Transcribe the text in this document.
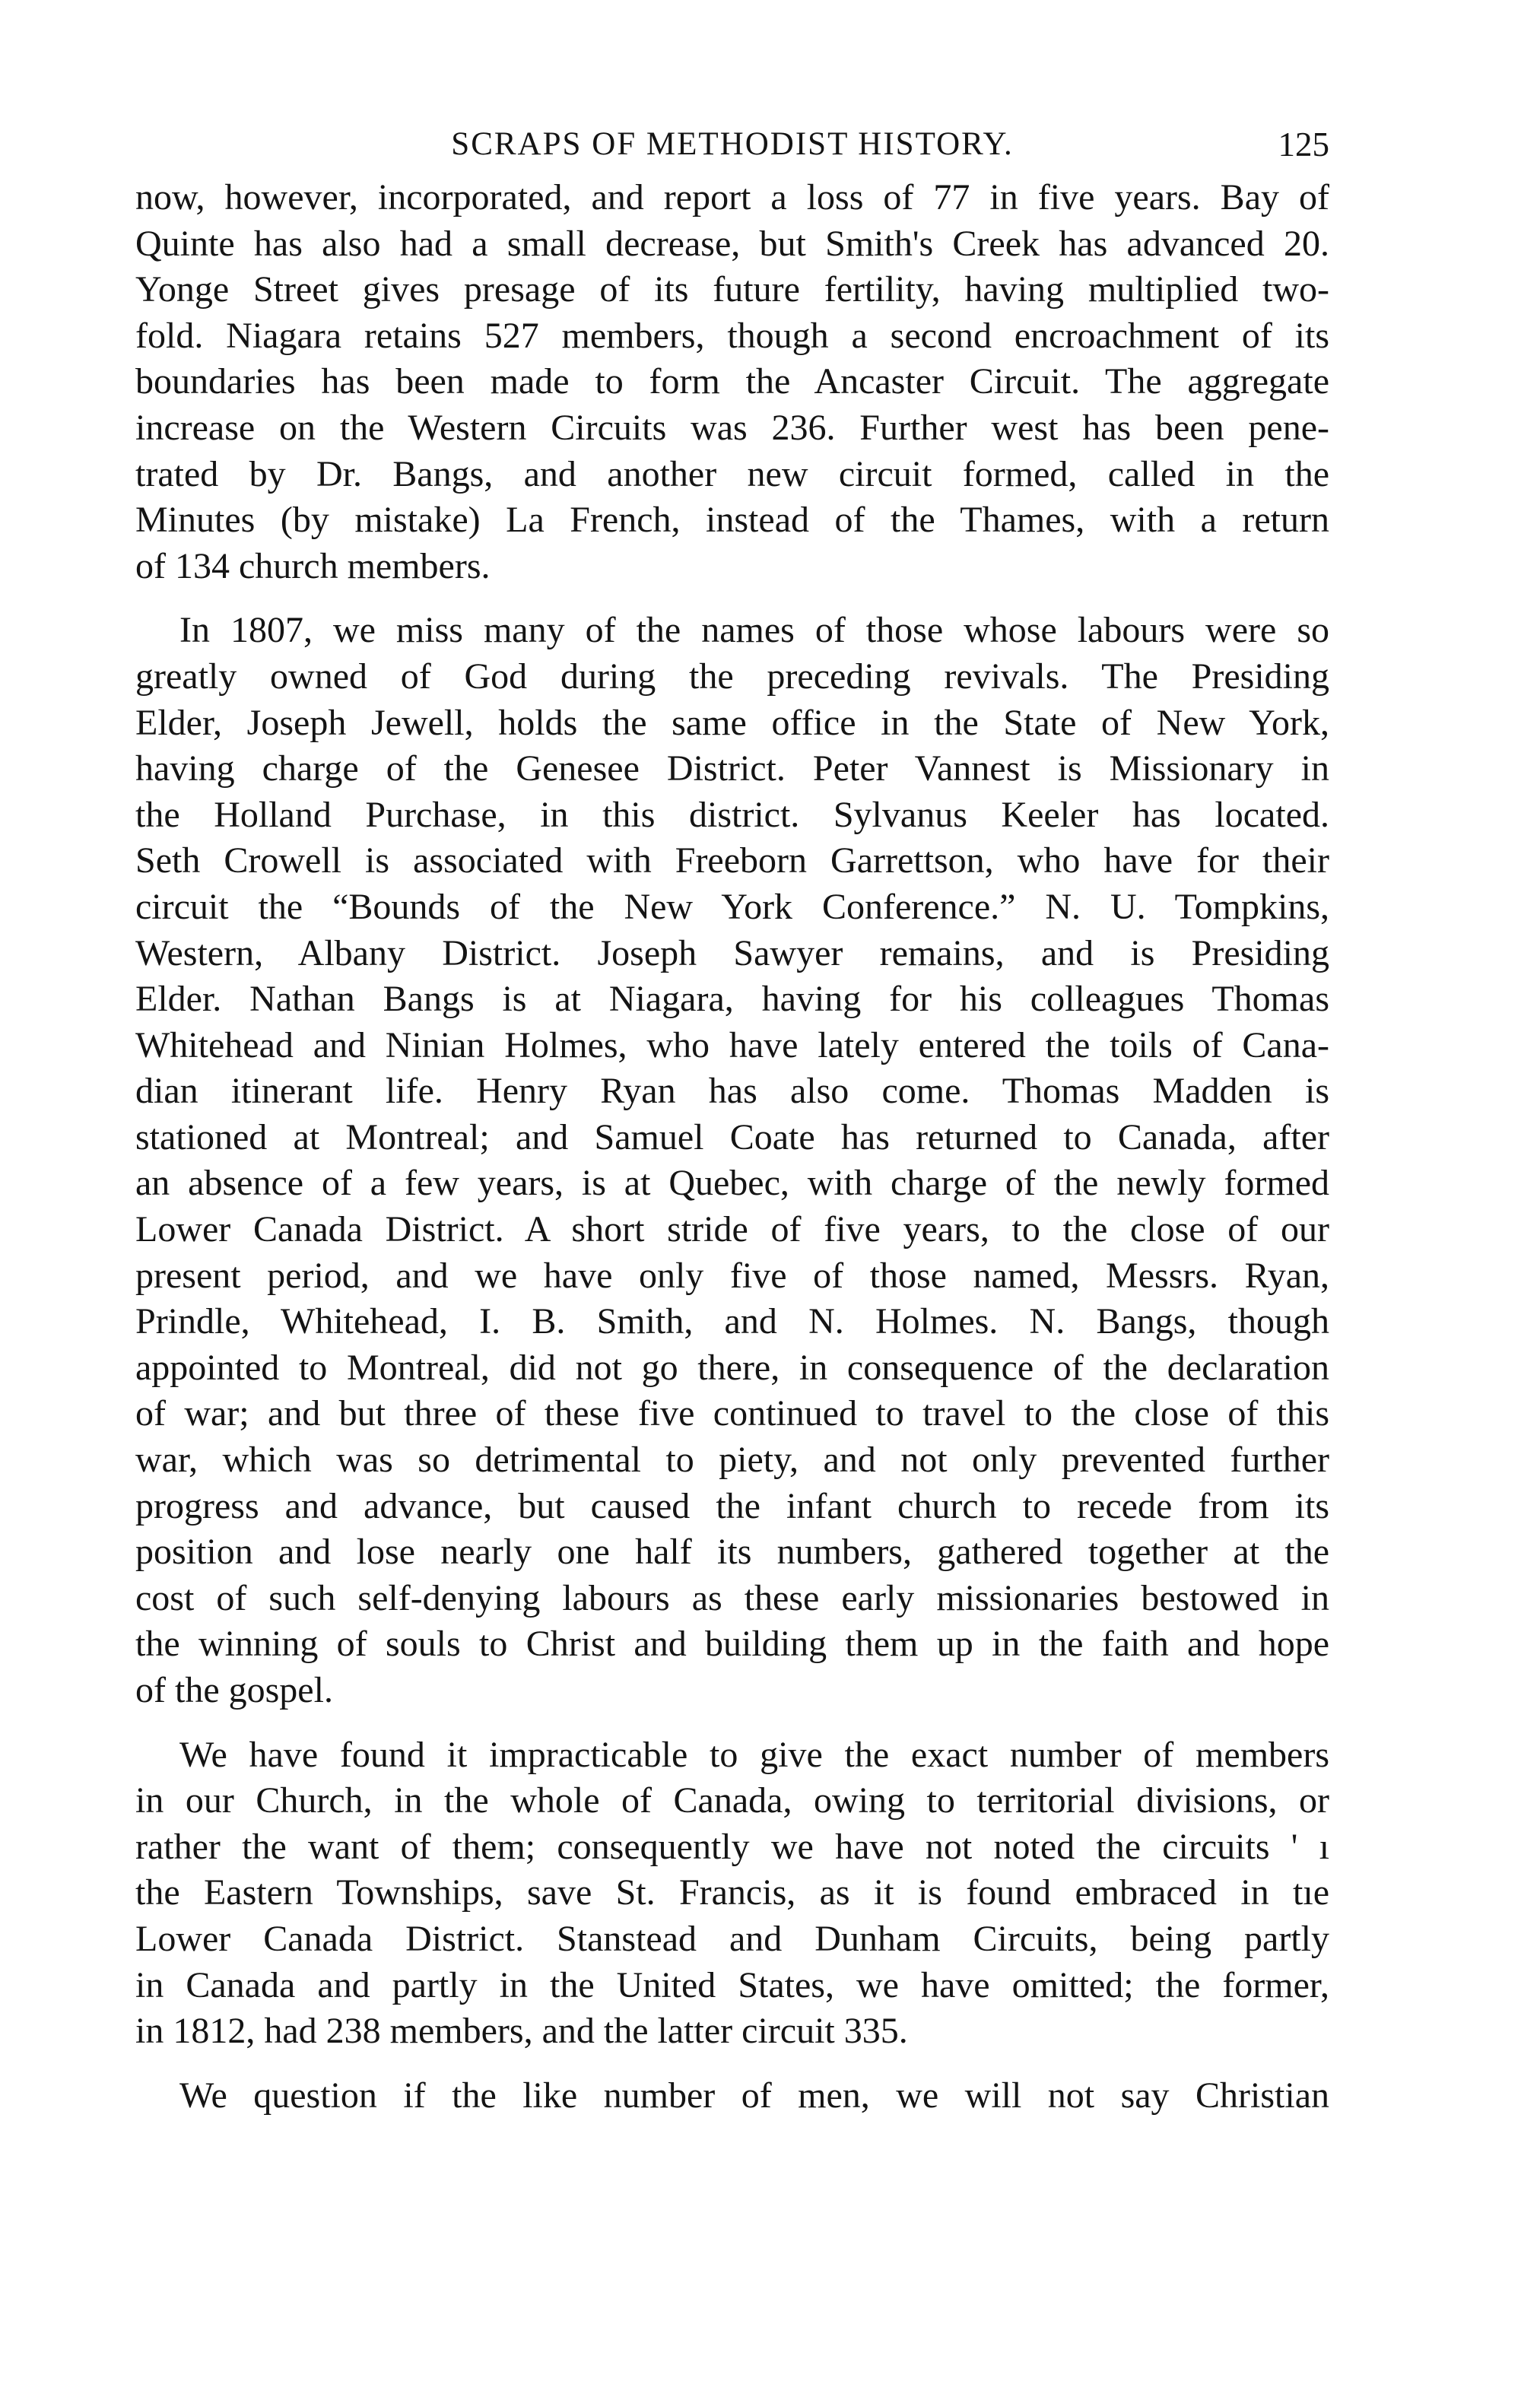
SCRAPS OF METHODIST HISTORY.	125
now, however, incorporated, and report a loss of 77 in five years. Bay of
Quinte has also had a small decrease, but Smith's Creek has advanced 20.
Yonge Street gives presage of its future fertility, having multiplied two-
fold. Niagara retains 527 members, though a second encroachment of its
boundaries has been made to form the Ancaster Circuit. The aggregate
increase on the Western Circuits was 236. Further west has been pene-
trated by Dr. Bangs, and another new circuit formed, called in the
Minutes (by mistake) La French, instead of the Thames, with a return
of 134 church members.
In 1807, we miss many of the names of those whose labours were so
greatly owned of God during the preceding revivals. The Presiding
Elder, Joseph Jewell, holds the same office in the State of New York,
having charge of the Genesee District. Peter Vannest is Missionary in
the Holland Purchase, in this district. Sylvanus Keeler has located.
Seth Crowell is associated with Freeborn Garrettson, who have for their
circuit the “Bounds of the New York Conference.” N. U. Tompkins,
Western, Albany District. Joseph Sawyer remains, and is Presiding
Elder. Nathan Bangs is at Niagara, having for his colleagues Thomas
Whitehead and Ninian Holmes, who have lately entered the toils of Cana-
dian itinerant life. Henry Ryan has also come. Thomas Madden is
stationed at Montreal; and Samuel Coate has returned to Canada, after
an absence of a few years, is at Quebec, with charge of the newly formed
Lower Canada District. A short stride of five years, to the close of our
present period, and we have only five of those named, Messrs. Ryan,
Prindle, Whitehead, I. B. Smith, and N. Holmes. N. Bangs, though
appointed to Montreal, did not go there, in consequence of the declaration
of war; and but three of these five continued to travel to the close of this
war, which was so detrimental to piety, and not only prevented further
progress and advance, but caused the infant church to recede from its
position and lose nearly one half its numbers, gathered together at the
cost of such self-denying labours as these early missionaries bestowed in
the winning of souls to Christ and building them up in the faith and hope
of the gospel.
We have found it impracticable to give the exact number of members
in our Church, in the whole of Canada, owing to territorial divisions, or
rather the want of them; consequently we have not noted the circuits ' ı
the Eastern Townships, save St. Francis, as it is found embraced in tıe
Lower Canada District. Stanstead and Dunham Circuits, being partly
in Canada and partly in the United States, we have omitted; the former,
in 1812, had 238 members, and the latter circuit 335.
We question if the like number of men, we will not say Christian
